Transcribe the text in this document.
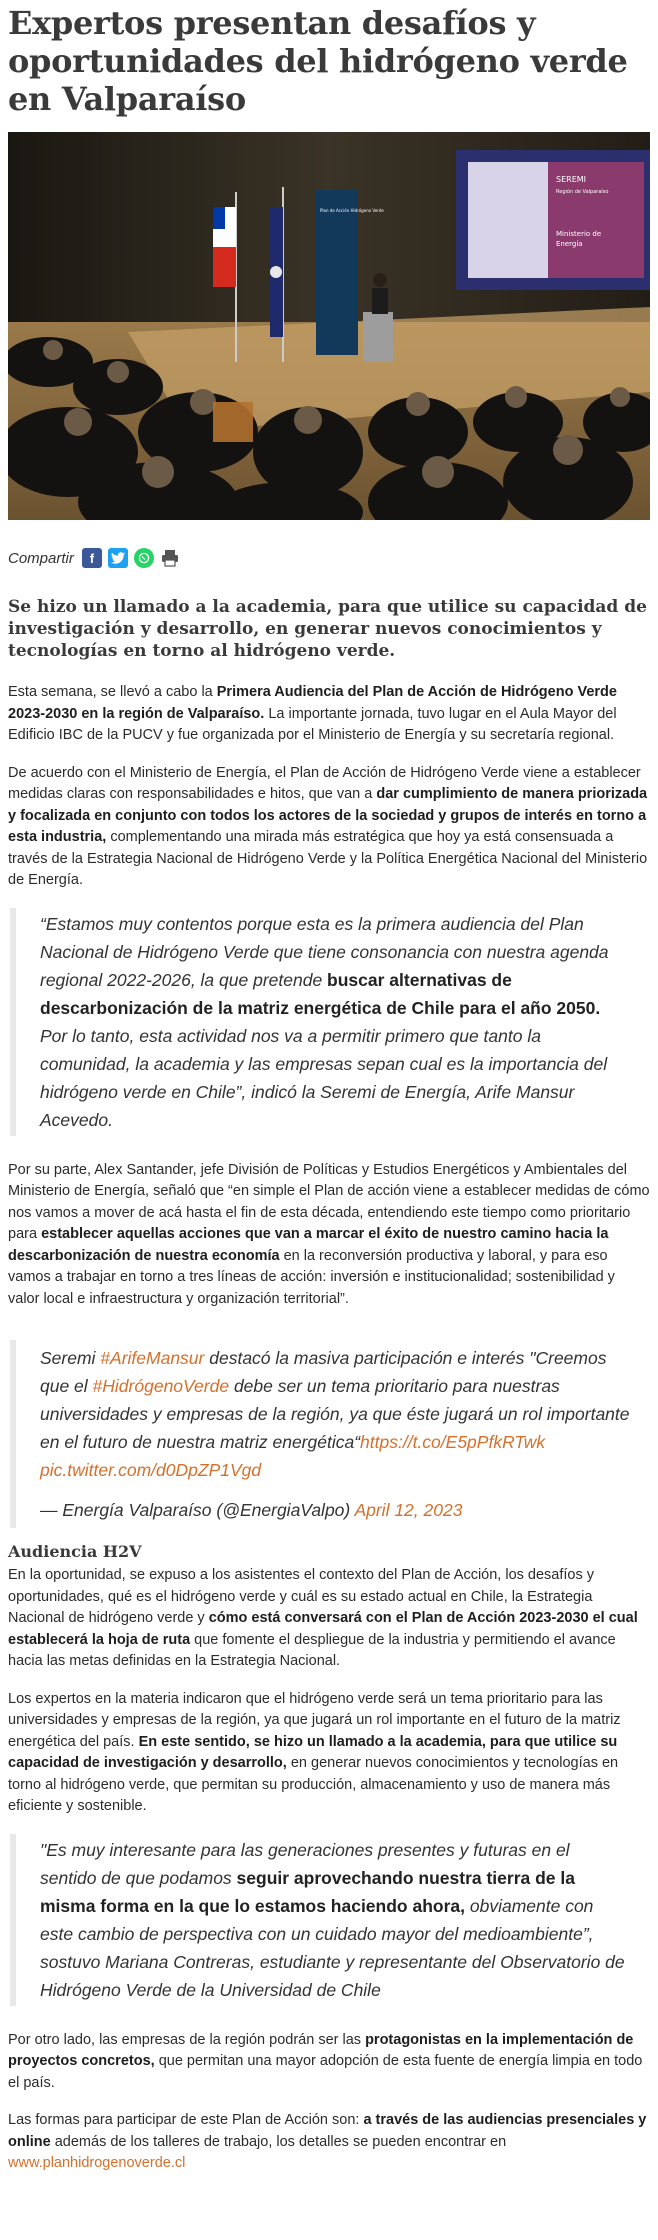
Expertos presentan desafíos y oportunidades del hidrógeno verde en Valparaíso
SEREMI
Región de Valparaíso
Ministerio de
Energía
Plan de Acción Hidrógeno Verde
Compartir	f

Se hizo un llamado a la academia, para que utilice su capacidad de investigación y desarrollo, en generar nuevos conocimientos y tecnologías en torno al hidrógeno verde.

Esta semana, se llevó a cabo la Primera Audiencia del Plan de Acción de Hidrógeno Verde 2023-2030 en la región de Valparaíso. La importante jornada, tuvo lugar en el Aula Mayor del Edificio IBC de la PUCV y fue organizada por el Ministerio de Energía y su secretaría regional.

De acuerdo con el Ministerio de Energía, el Plan de Acción de Hidrógeno Verde viene a establecer medidas claras con responsabilidades e hitos, que van a dar cumplimiento de manera priorizada y focalizada en conjunto con todos los actores de la sociedad y grupos de interés en torno a esta industria, complementando una mirada más estratégica que hoy ya está consensuada a través de la Estrategia Nacional de Hidrógeno Verde y la Política Energética Nacional del Ministerio de Energía.

“Estamos muy contentos porque esta es la primera audiencia del Plan Nacional de Hidrógeno Verde que tiene consonancia con nuestra agenda regional 2022-2026, la que pretende buscar alternativas de descarbonización de la matriz energética de Chile para el año 2050. Por lo tanto, esta actividad nos va a permitir primero que tanto la comunidad, la academia y las empresas sepan cual es la importancia del hidrógeno verde en Chile”, indicó la Seremi de Energía, Arife Mansur Acevedo.

Por su parte, Alex Santander, jefe División de Políticas y Estudios Energéticos y Ambientales del Ministerio de Energía, señaló que “en simple el Plan de acción viene a establecer medidas de cómo nos vamos a mover de acá hasta el fin de esta década, entendiendo este tiempo como prioritario para establecer aquellas acciones que van a marcar el éxito de nuestro camino hacia la descarbonización de nuestra economía en la reconversión productiva y laboral, y para eso vamos a trabajar en torno a tres líneas de acción: inversión e institucionalidad; sostenibilidad y valor local e infraestructura y organización territorial”.

Seremi #ArifeMansur destacó la masiva participación e interés "Creemos que el #HidrógenoVerde debe ser un tema prioritario para nuestras universidades y empresas de la región, ya que éste jugará un rol importante en el futuro de nuestra matriz energética“https://t.co/E5pPfkRTwk pic.twitter.com/d0DpZP1Vgd
— Energía Valparaíso (@EnergiaValpo) April 12, 2023
Audiencia H2V

En la oportunidad, se expuso a los asistentes el contexto del Plan de Acción, los desafíos y oportunidades, qué es el hidrógeno verde y cuál es su estado actual en Chile, la Estrategia Nacional de hidrógeno verde y cómo está conversará con el Plan de Acción 2023-2030 el cual establecerá la hoja de ruta que fomente el despliegue de la industria y permitiendo el avance hacia las metas definidas en la Estrategia Nacional.

Los expertos en la materia indicaron que el hidrógeno verde será un tema prioritario para las universidades y empresas de la región, ya que jugará un rol importante en el futuro de la matriz energética del país. En este sentido, se hizo un llamado a la academia, para que utilice su capacidad de investigación y desarrollo, en generar nuevos conocimientos y tecnologías en torno al hidrógeno verde, que permitan su producción, almacenamiento y uso de manera más eficiente y sostenible.

"Es muy interesante para las generaciones presentes y futuras en el sentido de que podamos seguir aprovechando nuestra tierra de la misma forma en la que lo estamos haciendo ahora, obviamente con este cambio de perspectiva con un cuidado mayor del medioambiente”, sostuvo Mariana Contreras, estudiante y representante del Observatorio de Hidrógeno Verde de la Universidad de Chile

Por otro lado, las empresas de la región podrán ser las protagonistas en la implementación de proyectos concretos, que permitan una mayor adopción de esta fuente de energía limpia en todo el país.

Las formas para participar de este Plan de Acción son: a través de las audiencias presenciales y online además de los talleres de trabajo, los detalles se pueden encontrar en www.planhidrogenoverde.cl
